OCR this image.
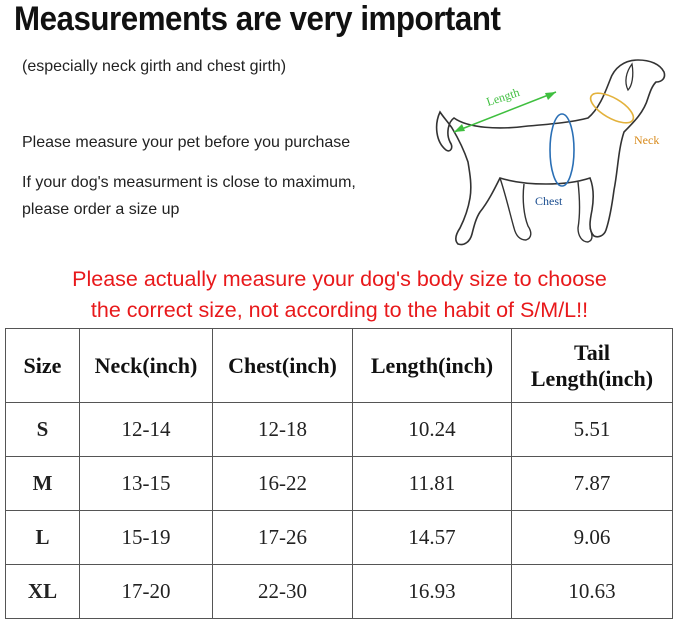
Measurements are very important
(especially neck girth and chest girth)
Please measure your pet before you purchase
If your dog's measurment is close to maximum,
please order a size up
Length
Neck
Chest
Please actually measure your dog's body size to choose
the correct size, not according to the habit of S/M/L!!
Size	Neck(inch)	Chest(inch)	Length(inch)	Tail
Length(inch)

S	12-14	12-18	10.24	5.51
M	13-15	16-22	11.81	7.87
L	15-19	17-26	14.57	9.06
XL	17-20	22-30	16.93	10.63
